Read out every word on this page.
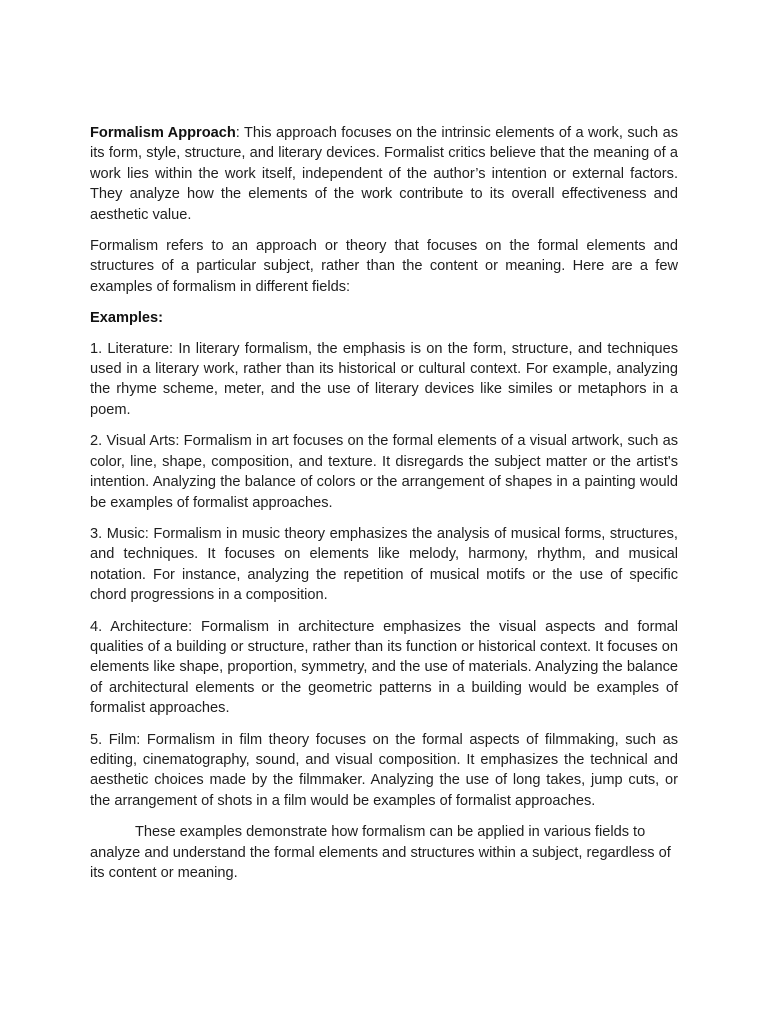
Formalism Approach: This approach focuses on the intrinsic elements of a work, such as its form, style, structure, and literary devices. Formalist critics believe that the meaning of a work lies within the work itself, independent of the author’s intention or external factors. They analyze how the elements of the work contribute to its overall effectiveness and aesthetic value.

Formalism refers to an approach or theory that focuses on the formal elements and structures of a particular subject, rather than the content or meaning. Here are a few examples of formalism in different fields:

Examples:

1. Literature: In literary formalism, the emphasis is on the form, structure, and techniques used in a literary work, rather than its historical or cultural context. For example, analyzing the rhyme scheme, meter, and the use of literary devices like similes or metaphors in a poem.

2. Visual Arts: Formalism in art focuses on the formal elements of a visual artwork, such as color, line, shape, composition, and texture. It disregards the subject matter or the artist's intention. Analyzing the balance of colors or the arrangement of shapes in a painting would be examples of formalist approaches.

3. Music: Formalism in music theory emphasizes the analysis of musical forms, structures, and techniques. It focuses on elements like melody, harmony, rhythm, and musical notation. For instance, analyzing the repetition of musical motifs or the use of specific chord progressions in a composition.

4. Architecture: Formalism in architecture emphasizes the visual aspects and formal qualities of a building or structure, rather than its function or historical context. It focuses on elements like shape, proportion, symmetry, and the use of materials. Analyzing the balance of architectural elements or the geometric patterns in a building would be examples of formalist approaches.

5. Film: Formalism in film theory focuses on the formal aspects of filmmaking, such as editing, cinematography, sound, and visual composition. It emphasizes the technical and aesthetic choices made by the filmmaker. Analyzing the use of long takes, jump cuts, or the arrangement of shots in a film would be examples of formalist approaches.

These examples demonstrate how formalism can be applied in various fields to analyze and understand the formal elements and structures within a subject, regardless of its content or meaning.
